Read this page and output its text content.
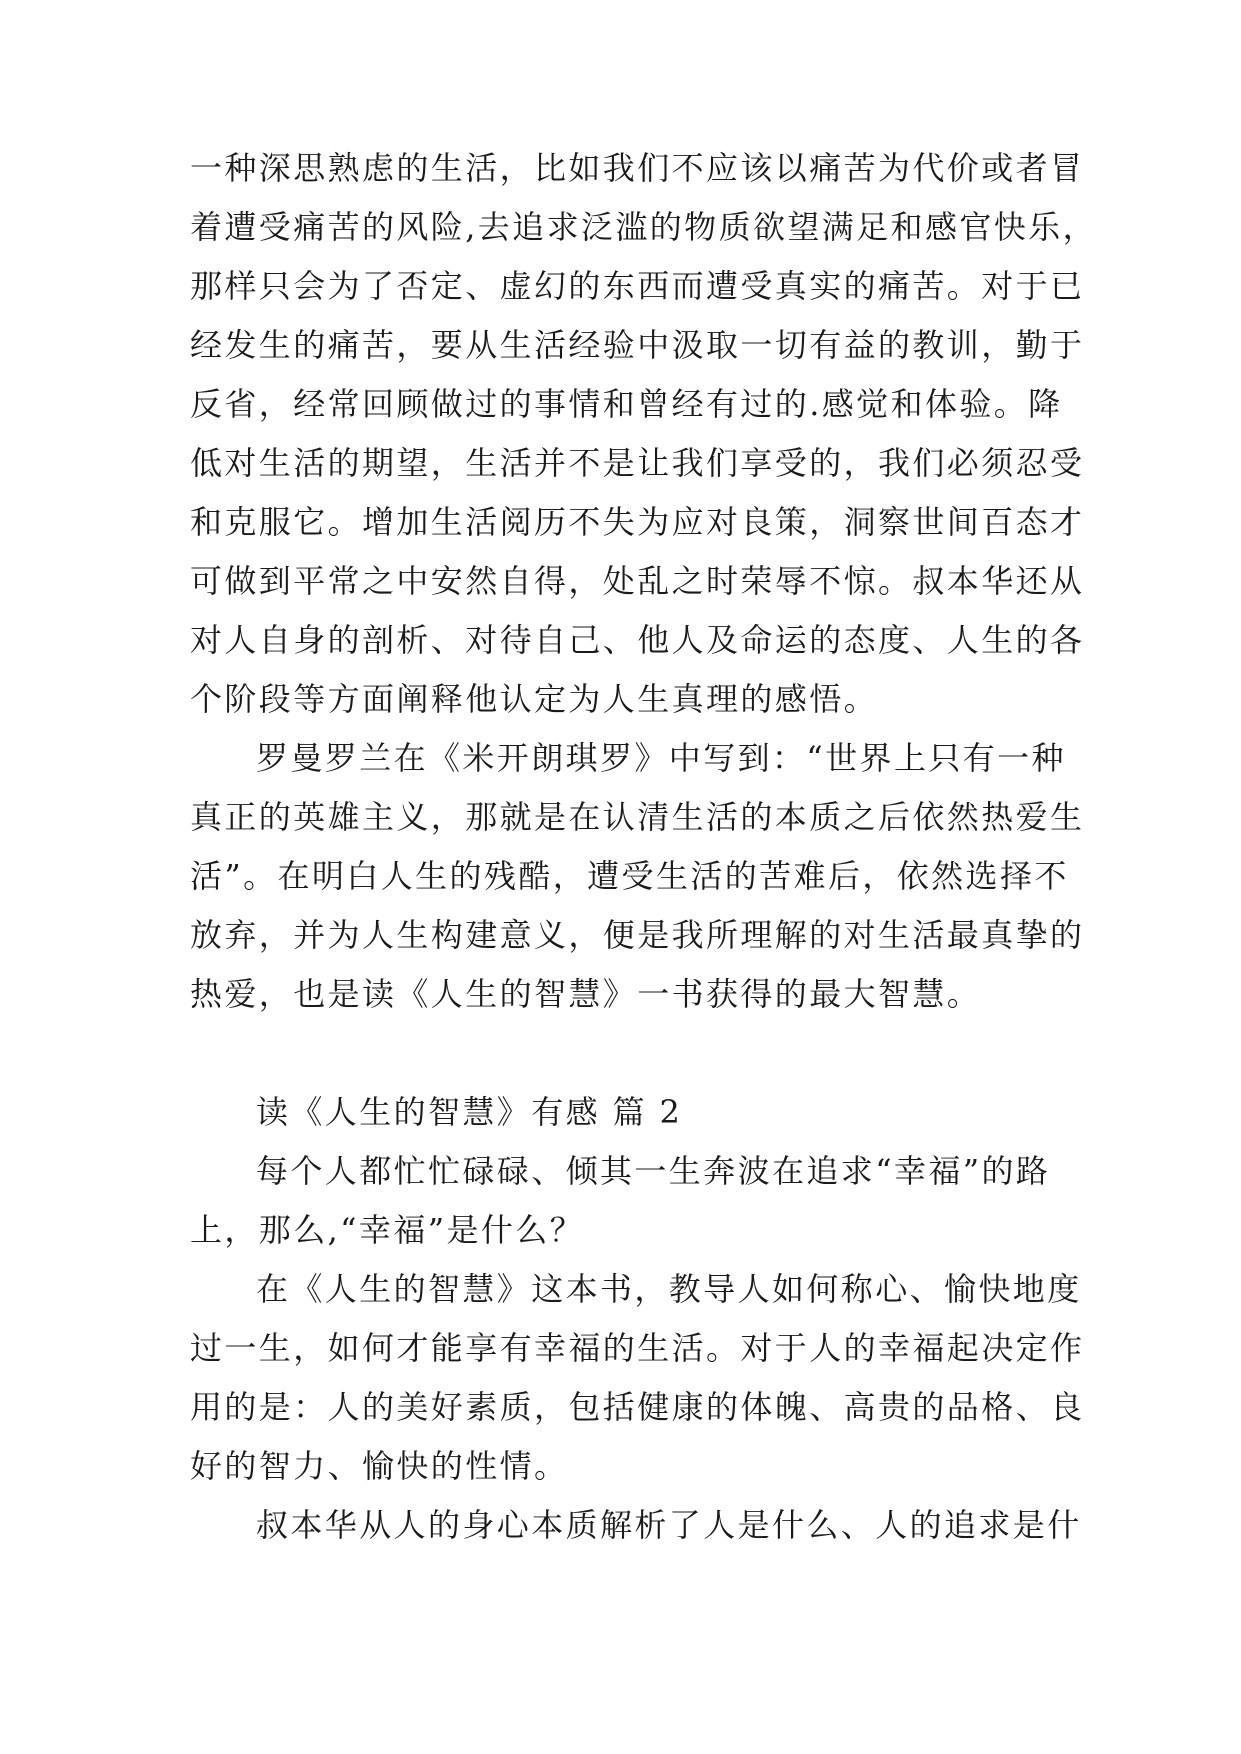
一种深思熟虑的生活，比如我们不应该以痛苦为代价或者冒
着遭受痛苦的风险,去追求泛滥的物质欲望满足和感官快乐，
那样只会为了否定、虚幻的东西而遭受真实的痛苦。对于已
经发生的痛苦，要从生活经验中汲取一切有益的教训，勤于
反省，经常回顾做过的事情和曾经有过的.感觉和体验。降
低对生活的期望，生活并不是让我们享受的，我们必须忍受
和克服它。增加生活阅历不失为应对良策，洞察世间百态才
可做到平常之中安然自得，处乱之时荣辱不惊。叔本华还从
对人自身的剖析、对待自己、他人及命运的态度、人生的各
个阶段等方面阐释他认定为人生真理的感悟。
罗曼罗兰在《米开朗琪罗》中写到：“世界上只有一种
真正的英雄主义，那就是在认清生活的本质之后依然热爱生
活”。在明白人生的残酷，遭受生活的苦难后，依然选择不
放弃，并为人生构建意义，便是我所理解的对生活最真挚的
热爱，也是读《人生的智慧》一书获得的最大智慧。
读《人生的智慧》有感 篇 2
每个人都忙忙碌碌、倾其一生奔波在追求“幸福”的路
上，那么,“幸福”是什么？
在《人生的智慧》这本书，教导人如何称心、愉快地度
过一生，如何才能享有幸福的生活。对于人的幸福起决定作
用的是：人的美好素质，包括健康的体魄、高贵的品格、良
好的智力、愉快的性情。
叔本华从人的身心本质解析了人是什么、人的追求是什
